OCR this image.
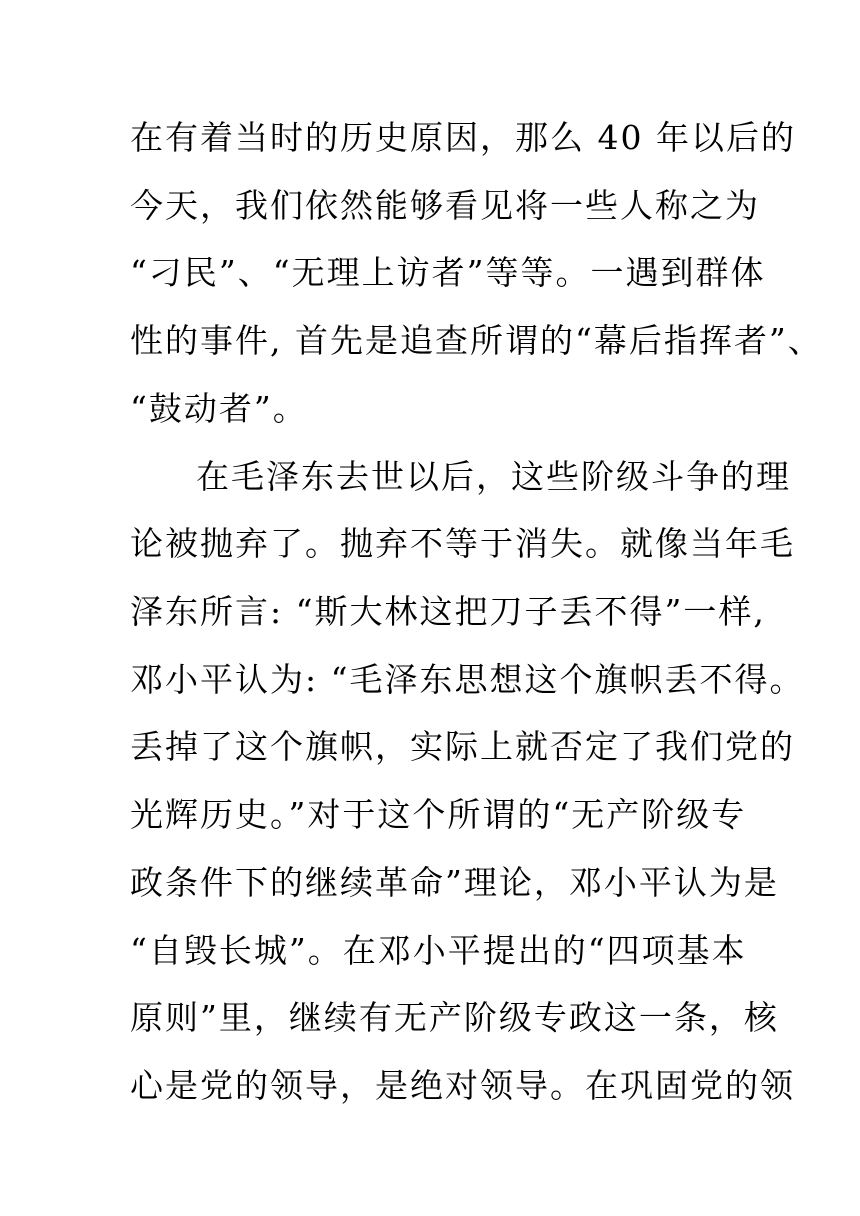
在有着当时的历史原因，那么 40 年以后的
今天，我们依然能够看见将一些人称之为
“刁民”、“无理上访者”等等。一遇到群体
性的事件, 首先是追查所谓的“幕后指挥者”、
“鼓动者”。
在毛泽东去世以后，这些阶级斗争的理
论被抛弃了。抛弃不等于消失。就像当年毛
泽东所言: “斯大林这把刀子丢不得”一样,
邓小平认为: “毛泽东思想这个旗帜丢不得。
丢掉了这个旗帜，实际上就否定了我们党的
光辉历史。”对于这个所谓的“无产阶级专
政条件下的继续革命”理论，邓小平认为是
“自毁长城”。在邓小平提出的“四项基本
原则”里，继续有无产阶级专政这一条，核
心是党的领导，是绝对领导。在巩固党的领
